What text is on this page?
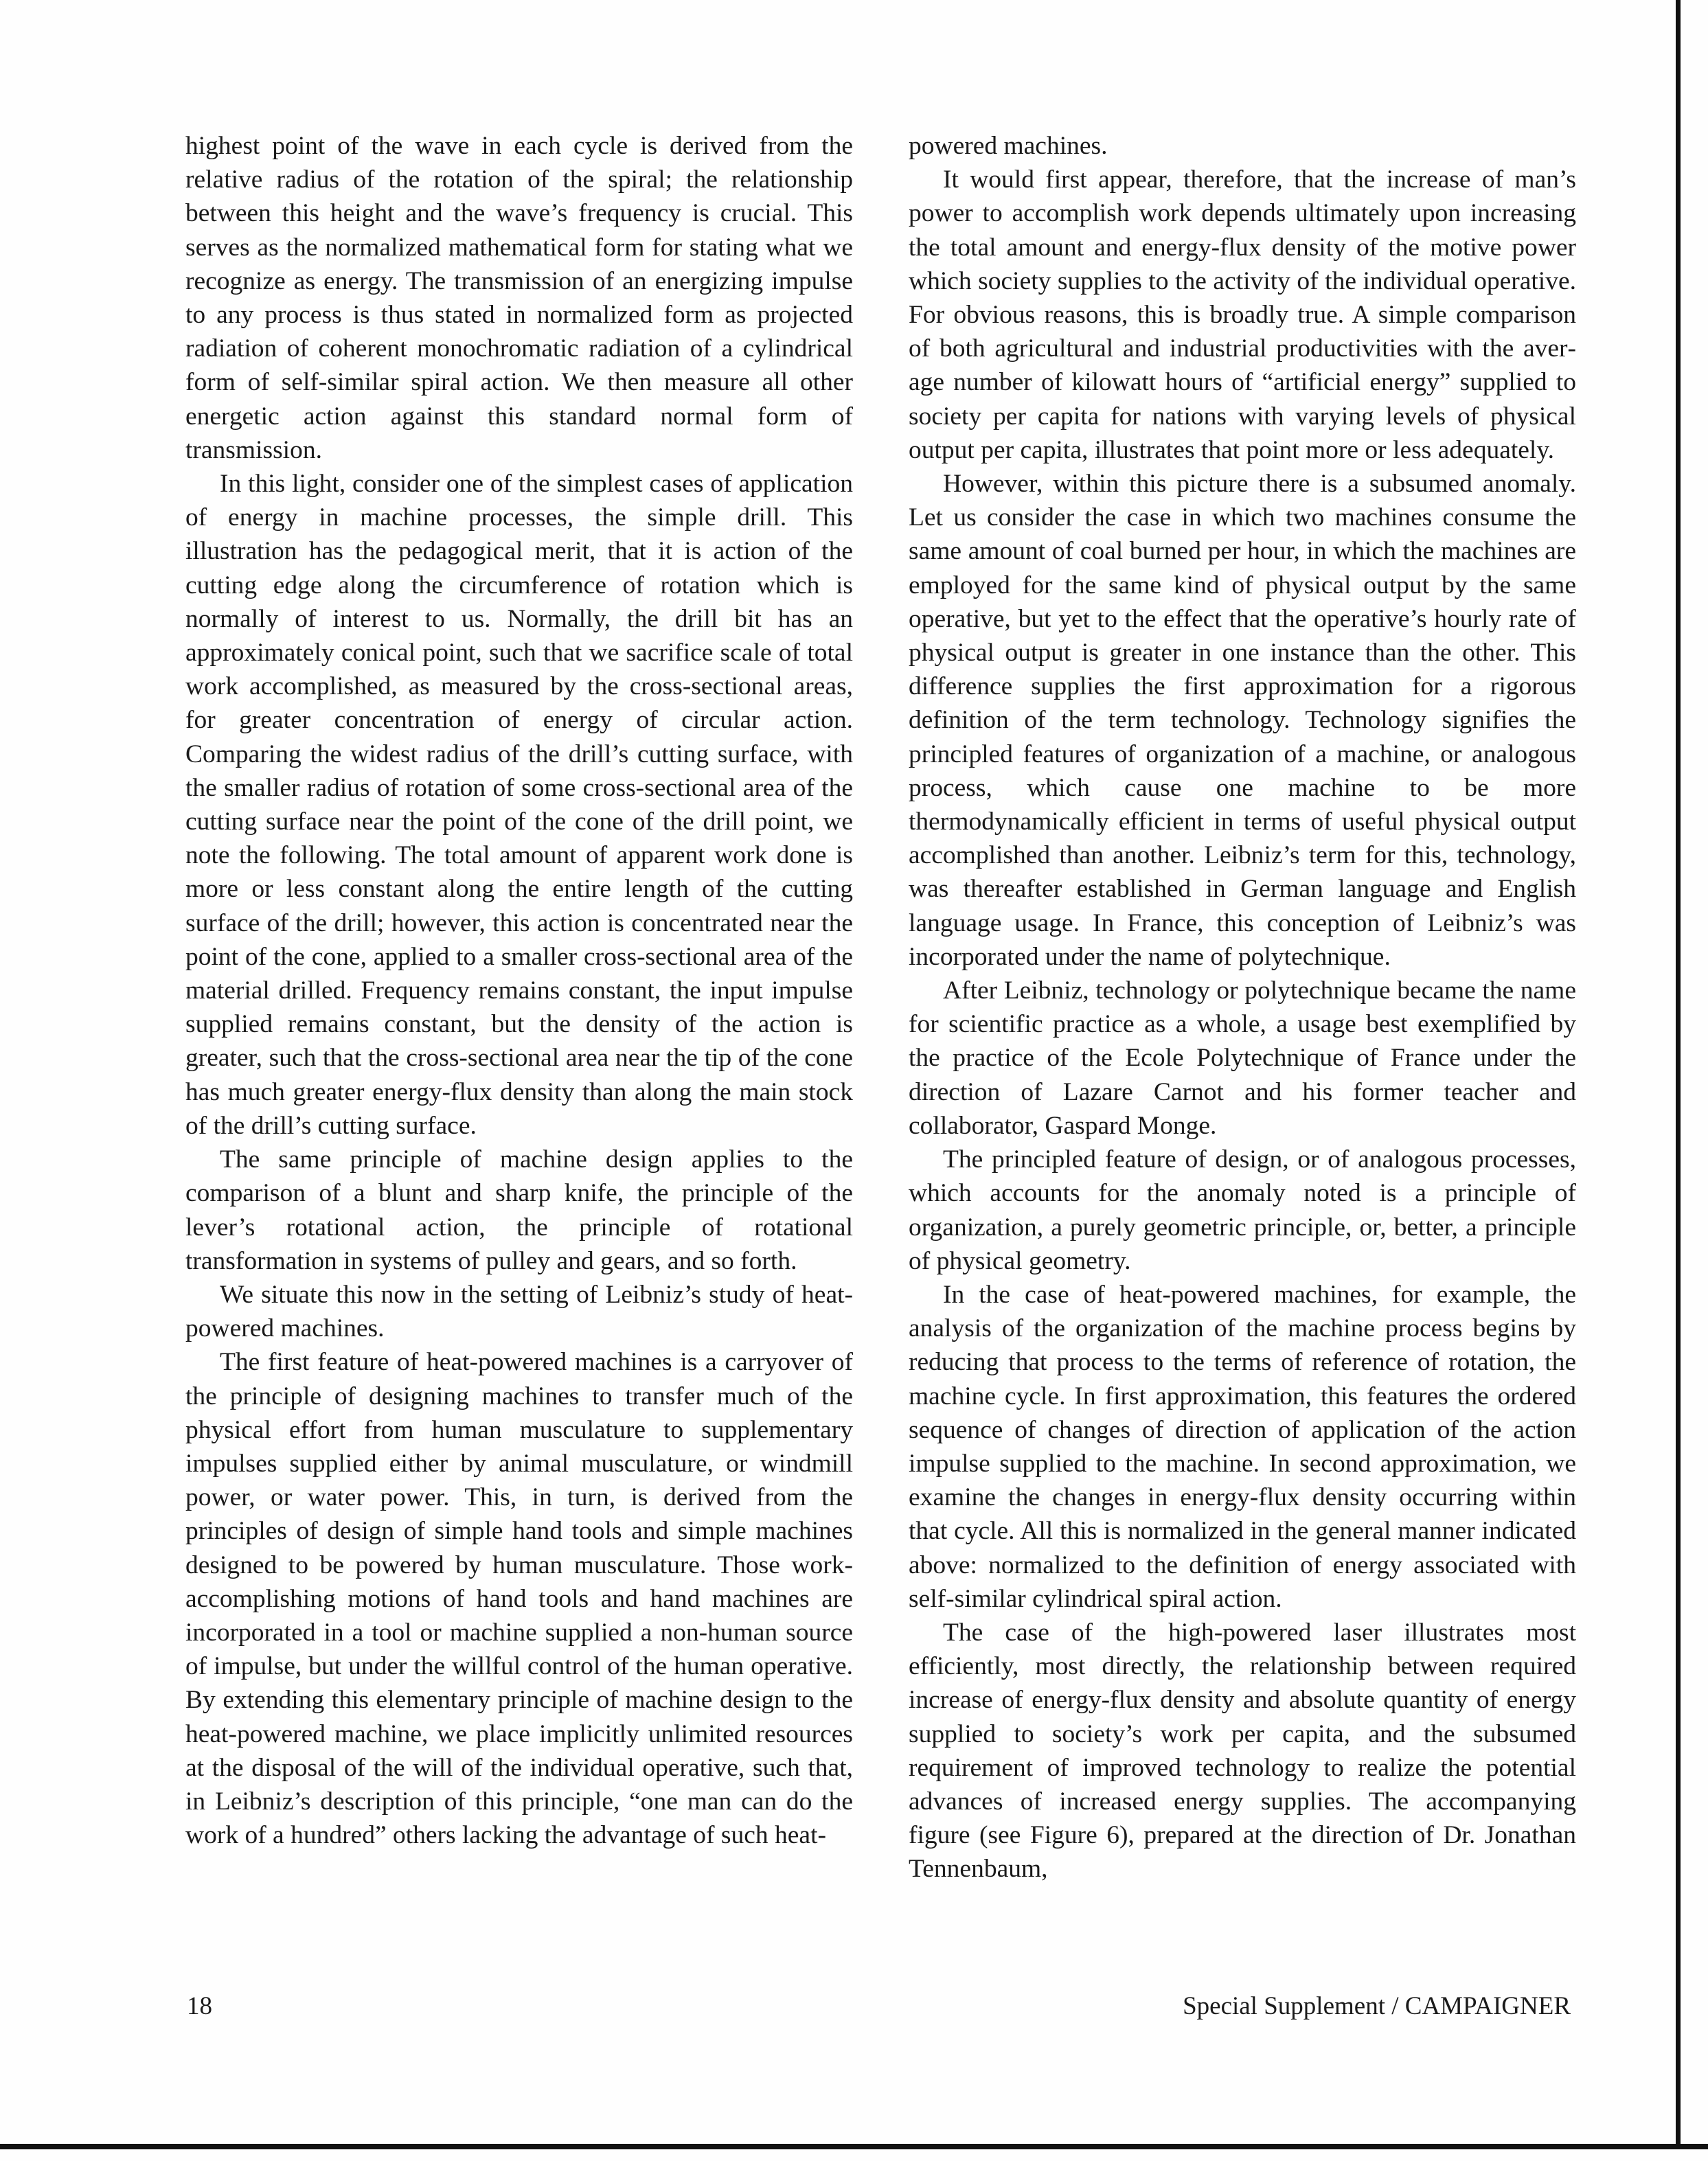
highest point of the wave in each cycle is derived from the relative radius of the rotation of the spiral; the relationship between this height and the wave’s frequency is crucial. This serves as the normalized mathematical form for stating what we recognize as energy. The transmission of an energizing impulse to any process is thus stated in normalized form as projected radiation of coherent monochromatic radiation of a cylindrical form of self-similar spiral action. We then measure all other energetic action against this standard normal form of transmission.

In this light, consider one of the simplest cases of application of energy in machine processes, the simple drill. This illustration has the pedagogical merit, that it is action of the cutting edge along the circumference of rotation which is normally of interest to us. Normally, the drill bit has an approximately conical point, such that we sacrifice scale of total work accomplished, as measured by the cross-sectional areas, for greater concentration of energy of circular action. Comparing the widest radius of the drill’s cutting surface, with the smaller radius of rotation of some cross-sectional area of the cutting surface near the point of the cone of the drill point, we note the following. The total amount of apparent work done is more or less constant along the entire length of the cutting surface of the drill; however, this action is concentrated near the point of the cone, applied to a smaller cross-sectional area of the material drilled. Frequency remains constant, the input impulse supplied remains constant, but the density of the action is greater, such that the cross-sectional area near the tip of the cone has much greater energy-flux density than along the main stock of the drill’s cutting surface.

The same principle of machine design applies to the comparison of a blunt and sharp knife, the principle of the lever’s rotational action, the principle of rotational transformation in systems of pulley and gears, and so forth.

We situate this now in the setting of Leibniz’s study of heat-powered machines.

The first feature of heat-powered machines is a carryover of the principle of designing machines to transfer much of the physical effort from human musculature to supplementary impulses supplied either by animal musculature, or windmill power, or water power. This, in turn, is derived from the principles of design of simple hand tools and simple machines designed to be powered by human musculature. Those work-accomplishing motions of hand tools and hand machines are incorporated in a tool or machine supplied a non-human source of impulse, but under the willful control of the human operative. By extending this elementary principle of machine design to the heat-powered machine, we place implicitly unlimited resources at the disposal of the will of the individual operative, such that, in Leibniz’s description of this principle, “one man can do the work of a hundred” others lacking the advantage of such heat-

powered machines.

It would first appear, therefore, that the increase of man’s power to accomplish work depends ultimately upon increasing the total amount and energy-flux density of the motive power which society supplies to the activity of the individual operative. For obvious reasons, this is broadly true. A simple comparison of both agricultural and industrial productivities with the average number of kilowatt hours of “artificial energy” supplied to society per capita for nations with varying levels of physical output per capita, illustrates that point more or less adequately.

However, within this picture there is a subsumed anomaly. Let us consider the case in which two machines consume the same amount of coal burned per hour, in which the machines are employed for the same kind of physical output by the same operative, but yet to the effect that the operative’s hourly rate of physical output is greater in one instance than the other. This difference supplies the first approximation for a rigorous definition of the term technology. Technology signifies the principled features of organization of a machine, or analogous process, which cause one machine to be more thermodynamically efficient in terms of useful physical output accomplished than another. Leibniz’s term for this, technology, was thereafter established in German language and English language usage. In France, this conception of Leibniz’s was incorporated under the name of polytechnique.

After Leibniz, technology or polytechnique became the name for scientific practice as a whole, a usage best exemplified by the practice of the Ecole Polytechnique of France under the direction of Lazare Carnot and his former teacher and collaborator, Gaspard Monge.

The principled feature of design, or of analogous processes, which accounts for the anomaly noted is a principle of organization, a purely geometric principle, or, better, a principle of physical geometry.

In the case of heat-powered machines, for example, the analysis of the organization of the machine process begins by reducing that process to the terms of reference of rotation, the machine cycle. In first approximation, this features the ordered sequence of changes of direction of application of the action impulse supplied to the machine. In second approximation, we examine the changes in energy-flux density occurring within that cycle. All this is normalized in the general manner indicated above: normalized to the definition of energy associated with self-similar cylindrical spiral action.

The case of the high-powered laser illustrates most efficiently, most directly, the relationship between required increase of energy-flux density and absolute quantity of energy supplied to society’s work per capita, and the subsumed requirement of improved technology to realize the potential advances of increased energy supplies. The accompanying figure (see Figure 6), prepared at the direction of Dr. Jonathan Tennenbaum,

18	Special Supplement / CAMPAIGNER
